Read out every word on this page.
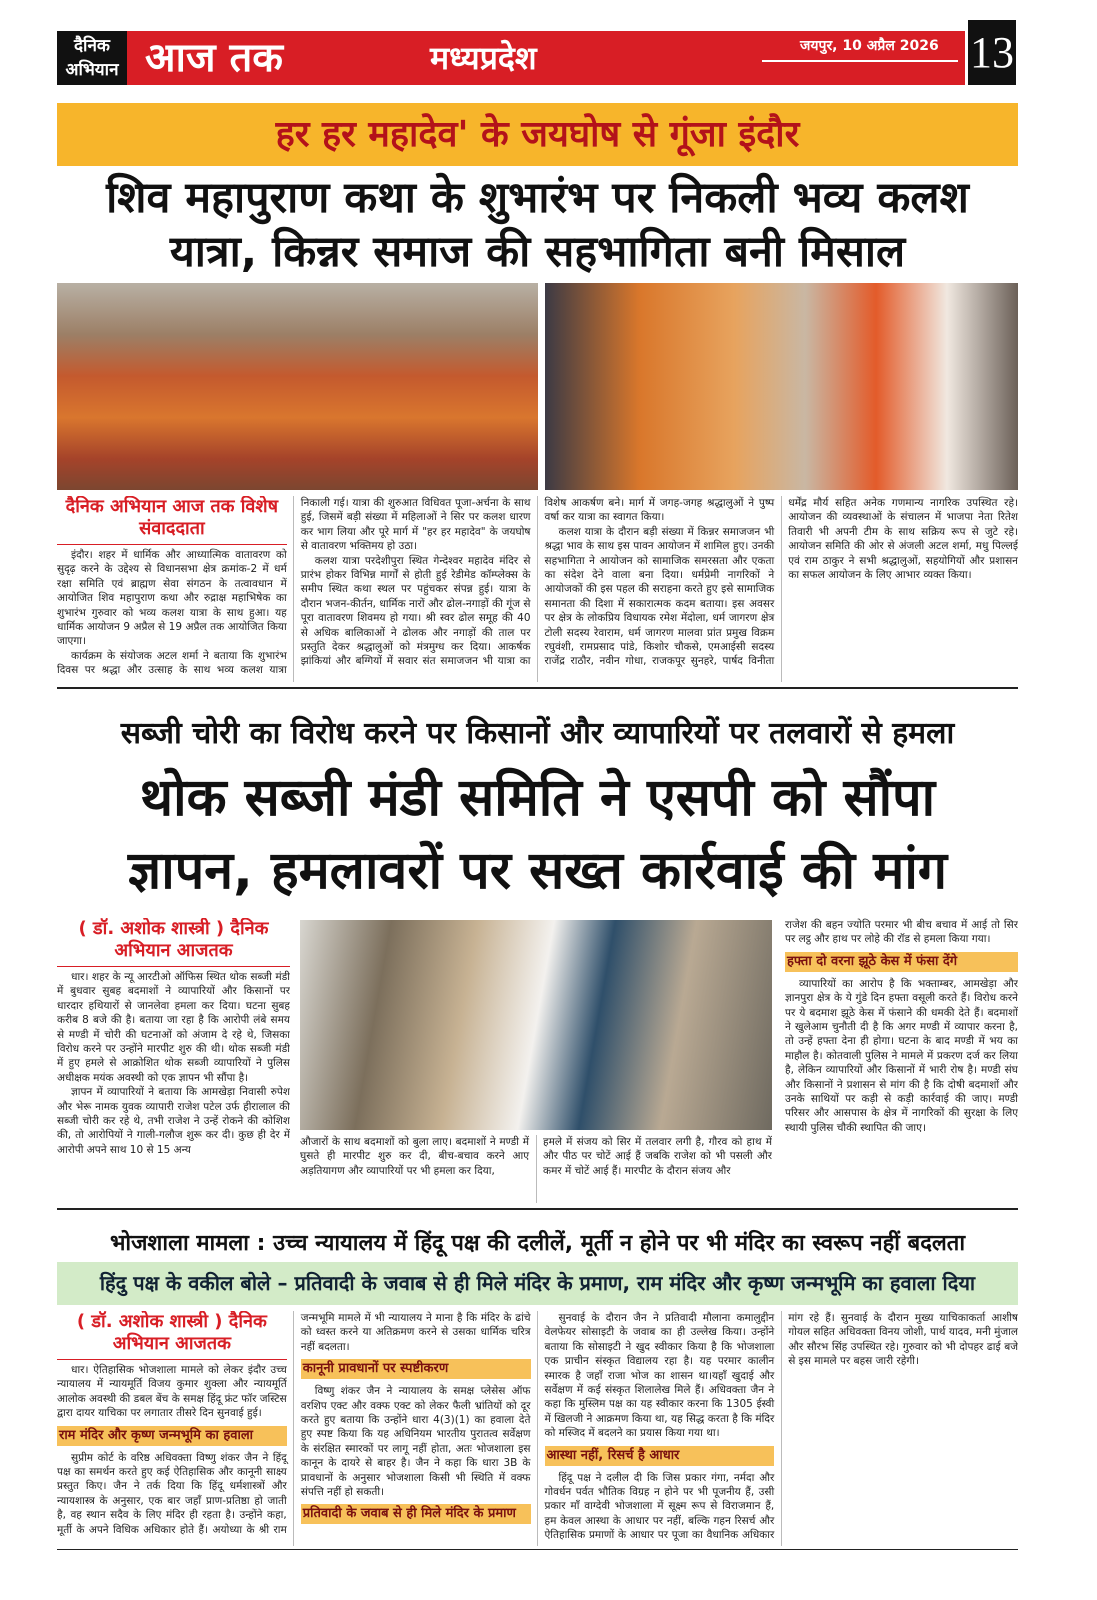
दैनिक
अभियान आज तक	मध्यप्रदेश	जयपुर, 10 अप्रैल 2026 13
हर हर महादेव' के जयघोष से गूंजा इंदौर
शिव महापुराण कथा के शुभारंभ पर निकली भव्य कलश
यात्रा, किन्नर समाज की सहभागिता बनी मिसाल
दैनिक अभियान आज तक विशेष संवाददाता

इंदौर। शहर में धार्मिक और आध्यात्मिक वातावरण को सुदृढ़ करने के उद्देश्य से विधानसभा क्षेत्र क्रमांक-2 में धर्म रक्षा समिति एवं ब्राह्मण सेवा संगठन के तत्वावधान में आयोजित शिव महापुराण कथा और रुद्राक्ष महाभिषेक का शुभारंभ गुरुवार को भव्य कलश यात्रा के साथ हुआ। यह धार्मिक आयोजन 9 अप्रैल से 19 अप्रैल तक आयोजित किया जाएगा।

कार्यक्रम के संयोजक अटल शर्मा ने बताया कि शुभारंभ दिवस पर श्रद्धा और उत्साह के साथ भव्य कलश यात्रा निकाली गई। यात्रा की शुरुआत विधिवत पूजा-अर्चना के साथ हुई, जिसमें बड़ी संख्या में महिलाओं ने सिर पर कलश धारण कर भाग लिया और पूरे मार्ग में "हर हर महादेव" के जयघोष से वातावरण भक्तिमय हो उठा।

कलश यात्रा परदेशीपुरा स्थित गेन्देश्वर महादेव मंदिर से प्रारंभ होकर विभिन्न मार्गों से होती हुई रेडीमेड कॉम्प्लेक्स के समीप स्थित कथा स्थल पर पहुंचकर संपन्न हुई। यात्रा के दौरान भजन-कीर्तन, धार्मिक नारों और ढोल-नगाड़ों की गूंज से पूरा वातावरण शिवमय हो गया। श्री स्वर ढोल समूह की 40 से अधिक बालिकाओं ने ढोलक और नगाड़ों की ताल पर प्रस्तुति देकर श्रद्धालुओं को मंत्रमुग्ध कर दिया। आकर्षक झांकियां और बग्गियों में सवार संत समाजजन भी यात्रा का विशेष आकर्षण बने। मार्ग में जगह-जगह श्रद्धालुओं ने पुष्प वर्षा कर यात्रा का स्वागत किया।

कलश यात्रा के दौरान बड़ी संख्या में किन्नर समाजजन भी श्रद्धा भाव के साथ इस पावन आयोजन में शामिल हुए। उनकी सहभागिता ने आयोजन को सामाजिक समरसता और एकता का संदेश देने वाला बना दिया। धर्मप्रेमी नागरिकों ने आयोजकों की इस पहल की सराहना करते हुए इसे सामाजिक समानता की दिशा में सकारात्मक कदम बताया। इस अवसर पर क्षेत्र के लोकप्रिय विधायक रमेश मेंदोला, धर्म जागरण क्षेत्र टोली सदस्य रेवाराम, धर्म जागरण मालवा प्रांत प्रमुख विक्रम रघुवंशी, रामप्रसाद पांडे, किशोर चौकसे, एमआईसी सदस्य राजेंद्र राठौर, नवीन गोधा, राजकपूर सुनहरे, पार्षद विनीता धर्मेंद्र मौर्य सहित अनेक गणमान्य नागरिक उपस्थित रहे। आयोजन की व्यवस्थाओं के संचालन में भाजपा नेता रितेश तिवारी भी अपनी टीम के साथ सक्रिय रूप से जुटे रहे। आयोजन समिति की ओर से अंजली अटल शर्मा, मधु पिल्लई एवं राम ठाकुर ने सभी श्रद्धालुओं, सहयोगियों और प्रशासन का सफल आयोजन के लिए आभार व्यक्त किया।

सब्जी चोरी का विरोध करने पर किसानों और व्यापारियों पर तलवारों से हमला
थोक सब्जी मंडी समिति ने एसपी को सौंपा
ज्ञापन, हमलावरों पर सख्त कार्रवाई की मांग
( डॉ. अशोक शास्त्री ) दैनिक अभियान आजतक

धार। शहर के न्यू आरटीओ ऑफिस स्थित थोक सब्जी मंडी में बुधवार सुबह बदमाशों ने व्यापारियों और किसानों पर धारदार हथियारों से जानलेवा हमला कर दिया। घटना सुबह करीब 8 बजे की है। बताया जा रहा है कि आरोपी लंबे समय से मण्डी में चोरी की घटनाओं को अंजाम दे रहे थे, जिसका विरोध करने पर उन्होंने मारपीट शुरु की थी। थोक सब्जी मंडी में हुए हमले से आक्रोशित थोक सब्जी व्यापारियों ने पुलिस अधीक्षक मयंक अवस्थी को एक ज्ञापन भी सौंपा है।

ज्ञापन में व्यापारियों ने बताया कि आमखेड़ा निवासी रुपेश और भेरू नामक युवक व्यापारी राजेश पटेल उर्फ हीरालाल की सब्जी चोरी कर रहे थे, तभी राजेश ने उन्हें रोकने की कोशिश की, तो आरोपियों ने गाली-गलौज शुरू कर दी। कुछ ही देर में आरोपी अपने साथ 10 से 15 अन्य

औजारों के साथ बदमाशों को बुला लाए। बदमाशों ने मण्डी में घुसते ही मारपीट शुरु कर दी, बीच-बचाव करने आए अड़तियागण और व्यापारियों पर भी हमला कर दिया,

हमले में संजय को सिर में तलवार लगी है, गौरव को हाथ में और पीठ पर चोटें आई हैं जबकि राजेश को भी पसली और कमर में चोटें आई हैं। मारपीट के दौरान संजय और

राजेश की बहन ज्योति परमार भी बीच बचाव में आई तो सिर पर लट्ठ और हाथ पर लोहे की रॉड से हमला किया गया।

हफ्ता दो वरना झूठे केस में फंसा देंगे

व्यापारियों का आरोप है कि भक्ताम्बर, आमखेड़ा और ज्ञानपुरा क्षेत्र के ये गुंडे दिन हफ्ता वसूली करते हैं। विरोध करने पर ये बदमाश झूठे केस में फंसाने की धमकी देते हैं। बदमाशों ने खुलेआम चुनौती दी है कि अगर मण्डी में व्यापार करना है, तो उन्हें हफ्ता देना ही होगा। घटना के बाद मण्डी में भय का माहौल है। कोतवाली पुलिस ने मामले में प्रकरण दर्ज कर लिया है, लेकिन व्यापारियों और किसानों में भारी रोष है। मण्डी संघ और किसानों ने प्रशासन से मांग की है कि दोषी बदमाशों और उनके साथियों पर कड़ी से कड़ी कार्रवाई की जाए। मण्डी परिसर और आसपास के क्षेत्र में नागरिकों की सुरक्षा के लिए स्थायी पुलिस चौकी स्थापित की जाए।

भोजशाला मामला : उच्च न्यायालय में हिंदू पक्ष की दलीलें, मूर्ती न होने पर भी मंदिर का स्वरूप नहीं बदलता
हिंदु पक्ष के वकील बोले – प्रतिवादी के जवाब से ही मिले मंदिर के प्रमाण, राम मंदिर और कृष्ण जन्मभूमि का हवाला दिया
( डॉ. अशोक शास्त्री ) दैनिक अभियान आजतक

धार। ऐतिहासिक भोजशाला मामले को लेकर इंदौर उच्च न्यायालय में न्यायमूर्ति विजय कुमार शुक्ला और न्यायमूर्ति आलोक अवस्थी की डबल बेंच के समक्ष हिंदू फ्रंट फॉर जस्टिस द्वारा दायर याचिका पर लगातार तीसरे दिन सुनवाई हुई।

राम मंदिर और कृष्ण जन्मभूमि का हवाला

सुप्रीम कोर्ट के वरिष्ठ अधिवक्ता विष्णु शंकर जैन ने हिंदू पक्ष का समर्थन करते हुए कई ऐतिहासिक और कानूनी साक्ष्य प्रस्तुत किए। जैन ने तर्क दिया कि हिंदू धर्मशास्त्रों और न्यायशास्त्र के अनुसार, एक बार जहाँ प्राण-प्रतिष्ठा हो जाती है, वह स्थान सदैव के लिए मंदिर ही रहता है। उन्होंने कहा, मूर्ती के अपने विधिक अधिकार होते हैं। अयोध्या के श्री राम जन्मभूमि मामले में भी न्यायालय ने माना है कि मंदिर के ढांचे को ध्वस्त करने या अतिक्रमण करने से उसका धार्मिक चरित्र नहीं बदलता।

कानूनी प्रावधानों पर स्पष्टीकरण

विष्णु शंकर जैन ने न्यायालय के समक्ष प्लेसेस ऑफ वरशिप एक्ट और वक्फ एक्ट को लेकर फैली भ्रांतियों को दूर करते हुए बताया कि उन्होंने धारा 4(3)(1) का हवाला देते हुए स्पष्ट किया कि यह अधिनियम भारतीय पुरातत्व सर्वेक्षण के संरक्षित स्मारकों पर लागू नहीं होता, अतः भोजशाला इस कानून के दायरे से बाहर है। जैन ने कहा कि धारा 3B के प्रावधानों के अनुसार भोजशाला किसी भी स्थिति में वक्फ संपत्ति नहीं हो सकती।

प्रतिवादी के जवाब से ही मिले मंदिर के प्रमाण

सुनवाई के दौरान जैन ने प्रतिवादी मौलाना कमालुद्दीन वेलफेयर सोसाइटी के जवाब का ही उल्लेख किया। उन्होंने बताया कि सोसाइटी ने खुद स्वीकार किया है कि भोजशाला एक प्राचीन संस्कृत विद्यालय रहा है। यह परमार कालीन स्मारक है जहाँ राजा भोज का शासन था।यहाँ खुदाई और सर्वेक्षण में कई संस्कृत शिलालेख मिले हैं। अधिवक्ता जैन ने कहा कि मुस्लिम पक्ष का यह स्वीकार करना कि 1305 ईस्वी में खिलजी ने आक्रमण किया था, यह सिद्ध करता है कि मंदिर को मस्जिद में बदलने का प्रयास किया गया था।

आस्था नहीं, रिसर्च है आधार

हिंदू पक्ष ने दलील दी कि जिस प्रकार गंगा, नर्मदा और गोवर्धन पर्वत भौतिक विग्रह न होने पर भी पूजनीय हैं, उसी प्रकार माँ वाग्देवी भोजशाला में सूक्ष्म रूप से विराजमान हैं, हम केवल आस्था के आधार पर नहीं, बल्कि गहन रिसर्च और ऐतिहासिक प्रमाणों के आधार पर पूजा का वैधानिक अधिकार मांग रहे हैं। सुनवाई के दौरान मुख्य याचिकाकर्ता आशीष गोयल सहित अधिवक्ता विनय जोशी, पार्थ यादव, मनी मुंजाल और सौरभ सिंह उपस्थित रहे। गुरुवार को भी दोपहर ढाई बजे से इस मामले पर बहस जारी रहेगी।
